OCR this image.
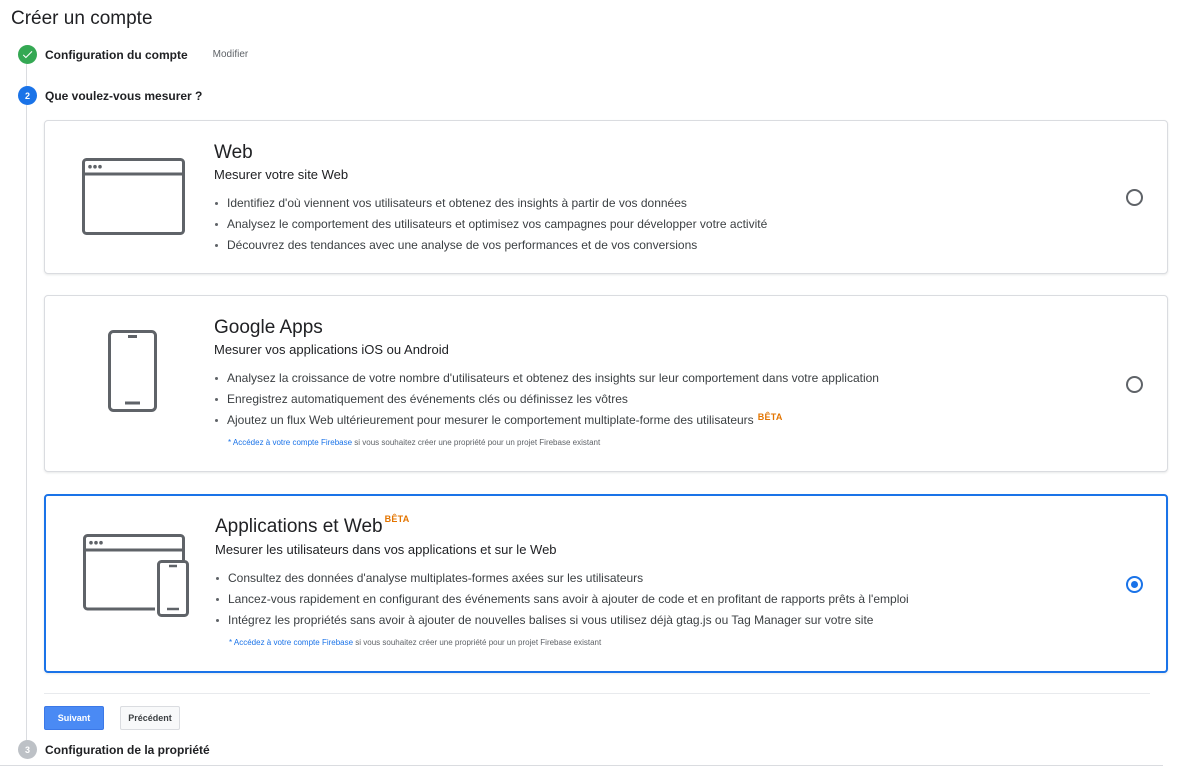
Créer un compte
Configuration du compte	Modifier
2	Que voulez-vous mesurer ?
Web
Mesurer votre site Web
Identifiez d'où viennent vos utilisateurs et obtenez des insights à partir de vos données
Analysez le comportement des utilisateurs et optimisez vos campagnes pour développer votre activité
Découvrez des tendances avec une analyse de vos performances et de vos conversions
Google Apps
Mesurer vos applications iOS ou Android
Analysez la croissance de votre nombre d'utilisateurs et obtenez des insights sur leur comportement dans votre application
Enregistrez automatiquement des événements clés ou définissez les vôtres
Ajoutez un flux Web ultérieurement pour mesurer le comportement multiplate-forme des utilisateurs $^{BÊTA}$
* Accédez à votre compte Firebase si vous souhaitez créer une propriété pour un projet Firebase existant
Applications et Web $^{BÊTA}$
Mesurer les utilisateurs dans vos applications et sur le Web
Consultez des données d'analyse multiplates-formes axées sur les utilisateurs
Lancez-vous rapidement en configurant des événements sans avoir à ajouter de code et en profitant de rapports prêts à l'emploi
Intégrez les propriétés sans avoir à ajouter de nouvelles balises si vous utilisez déjà gtag.js ou Tag Manager sur votre site
* Accédez à votre compte Firebase si vous souhaitez créer une propriété pour un projet Firebase existant
Suivant	Précédent
3	Configuration de la propriété
